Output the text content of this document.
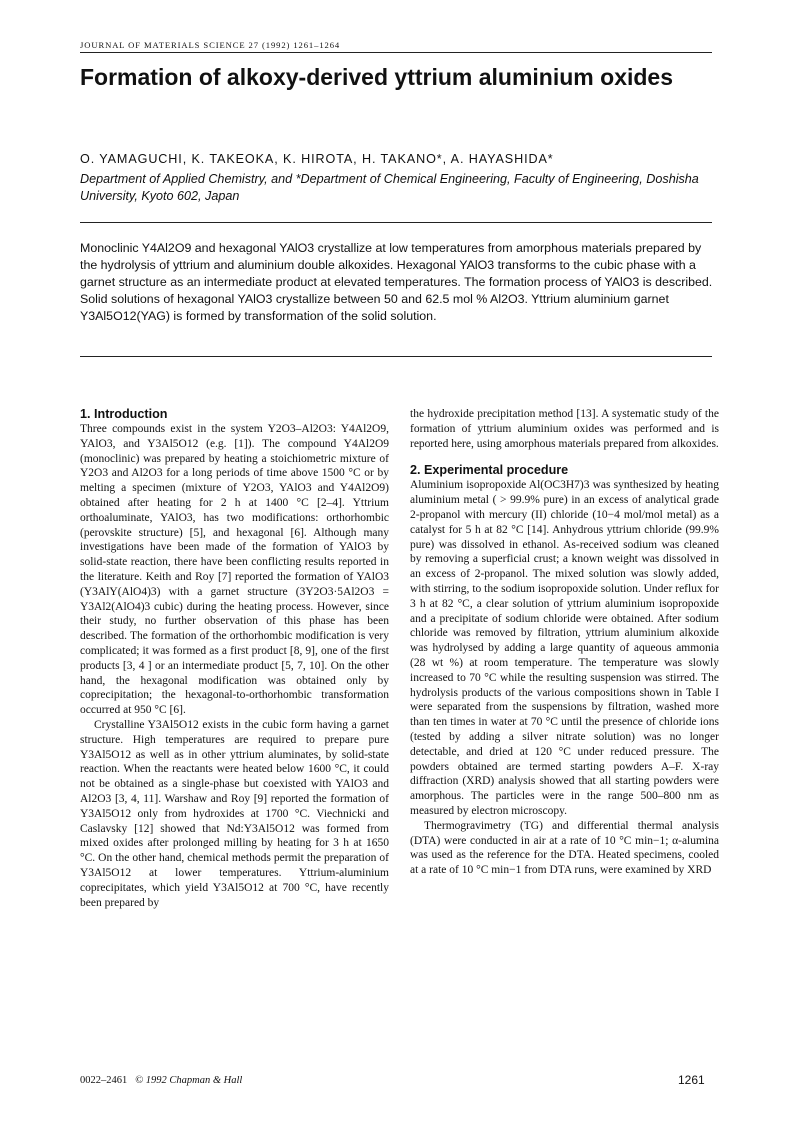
JOURNAL OF MATERIALS SCIENCE 27 (1992) 1261–1264
Formation of alkoxy-derived yttrium aluminium oxides
O. YAMAGUCHI, K. TAKEOKA, K. HIROTA, H. TAKANO*, A. HAYASHIDA*
Department of Applied Chemistry, and *Department of Chemical Engineering, Faculty of Engineering, Doshisha University, Kyoto 602, Japan
Monoclinic Y4Al2O9 and hexagonal YAlO3 crystallize at low temperatures from amorphous materials prepared by the hydrolysis of yttrium and aluminium double alkoxides. Hexagonal YAlO3 transforms to the cubic phase with a garnet structure as an intermediate product at elevated temperatures. The formation process of YAlO3 is described. Solid solutions of hexagonal YAlO3 crystallize between 50 and 62.5 mol % Al2O3. Yttrium aluminium garnet Y3Al5O12(YAG) is formed by transformation of the solid solution.
1. Introduction

Three compounds exist in the system Y2O3–Al2O3: Y4Al2O9, YAlO3, and Y3Al5O12 (e.g. [1]). The compound Y4Al2O9 (monoclinic) was prepared by heating a stoichiometric mixture of Y2O3 and Al2O3 for a long periods of time above 1500 °C or by melting a specimen (mixture of Y2O3, YAlO3 and Y4Al2O9) obtained after heating for 2 h at 1400 °C [2–4]. Yttrium orthoaluminate, YAlO3, has two modifications: orthorhombic (perovskite structure) [5], and hexagonal [6]. Although many investigations have been made of the formation of YAlO3 by solid-state reaction, there have been conflicting results reported in the literature. Keith and Roy [7] reported the formation of YAlO3 (Y3AlY(AlO4)3) with a garnet structure (3Y2O3·5Al2O3 = Y3Al2(AlO4)3 cubic) during the heating process. However, since their study, no further observation of this phase has been described. The formation of the orthorhombic modification is very complicated; it was formed as a first product [8, 9], one of the first products [3, 4 ] or an intermediate product [5, 7, 10]. On the other hand, the hexagonal modification was obtained only by coprecipitation; the hexagonal-to-orthorhombic transformation occurred at 950 °C [6].

Crystalline Y3Al5O12 exists in the cubic form having a garnet structure. High temperatures are required to prepare pure Y3Al5O12 as well as in other yttrium aluminates, by solid-state reaction. When the reactants were heated below 1600 °C, it could not be obtained as a single-phase but coexisted with YAlO3 and Al2O3 [3, 4, 11]. Warshaw and Roy [9] reported the formation of Y3Al5O12 only from hydroxides at 1700 °C. Viechnicki and Caslavsky [12] showed that Nd:Y3Al5O12 was formed from mixed oxides after prolonged milling by heating for 3 h at 1650 °C. On the other hand, chemical methods permit the preparation of Y3Al5O12 at lower temperatures. Yttrium-aluminium coprecipitates, which yield Y3Al5O12 at 700 °C, have recently been prepared by

the hydroxide precipitation method [13]. A systematic study of the formation of yttrium aluminium oxides was performed and is reported here, using amorphous materials prepared from alkoxides.

2. Experimental procedure

Aluminium isopropoxide Al(OC3H7)3 was synthesized by heating aluminium metal ( > 99.9% pure) in an excess of analytical grade 2-propanol with mercury (II) chloride (10−4 mol/mol metal) as a catalyst for 5 h at 82 °C [14]. Anhydrous yttrium chloride (99.9% pure) was dissolved in ethanol. As-received sodium was cleaned by removing a superficial crust; a known weight was dissolved in an excess of 2-propanol. The mixed solution was slowly added, with stirring, to the sodium isopropoxide solution. Under reflux for 3 h at 82 °C, a clear solution of yttrium aluminium isopropoxide and a precipitate of sodium chloride were obtained. After sodium chloride was removed by filtration, yttrium aluminium alkoxide was hydrolysed by adding a large quantity of aqueous ammonia (28 wt %) at room temperature. The temperature was slowly increased to 70 °C while the resulting suspension was stirred. The hydrolysis products of the various compositions shown in Table I were separated from the suspensions by filtration, washed more than ten times in water at 70 °C until the presence of chloride ions (tested by adding a silver nitrate solution) was no longer detectable, and dried at 120 °C under reduced pressure. The powders obtained are termed starting powders A–F. X-ray diffraction (XRD) analysis showed that all starting powders were amorphous. The particles were in the range 500–800 nm as measured by electron microscopy.

Thermogravimetry (TG) and differential thermal analysis (DTA) were conducted in air at a rate of 10 °C min−1; α-alumina was used as the reference for the DTA. Heated specimens, cooled at a rate of 10 °C min−1 from DTA runs, were examined by XRD

0022–2461 © 1992 Chapman & Hall	1261
